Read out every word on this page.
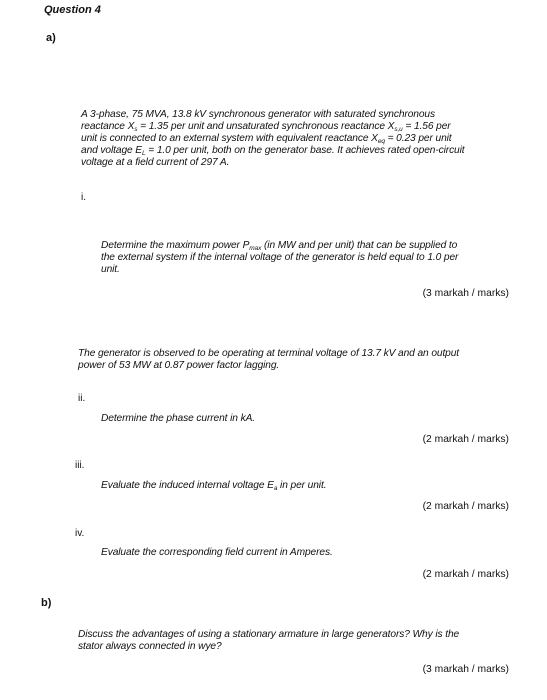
Question 4
a)
A 3-phase, 75 MVA, 13.8 kV synchronous generator with saturated synchronous
reactance $X_s = 1.35$ per unit and unsaturated synchronous reactance $X_{s,u} = 1.56$ per
unit is connected to an external system with equivalent reactance $X_{eq} = 0.23$ per unit
and voltage $E_L = 1.0$ per unit, both on the generator base. It achieves rated open-circuit
voltage at a field current of 297 A.
i.
Determine the maximum power $P_{max}$ (in MW and per unit) that can be supplied to
the external system if the internal voltage of the generator is held equal to 1.0 per
unit.
(3 markah / marks)
The generator is observed to be operating at terminal voltage of 13.7 kV and an output
power of 53 MW at 0.87 power factor lagging.
ii.
Determine the phase current in kA.
(2 markah / marks)
iii.
Evaluate the induced internal voltage $E_a$ in per unit.
(2 markah / marks)
iv.
Evaluate the corresponding field current in Amperes.
(2 markah / marks)
b)
Discuss the advantages of using a stationary armature in large generators? Why is the
stator always connected in wye?
(3 markah / marks)
